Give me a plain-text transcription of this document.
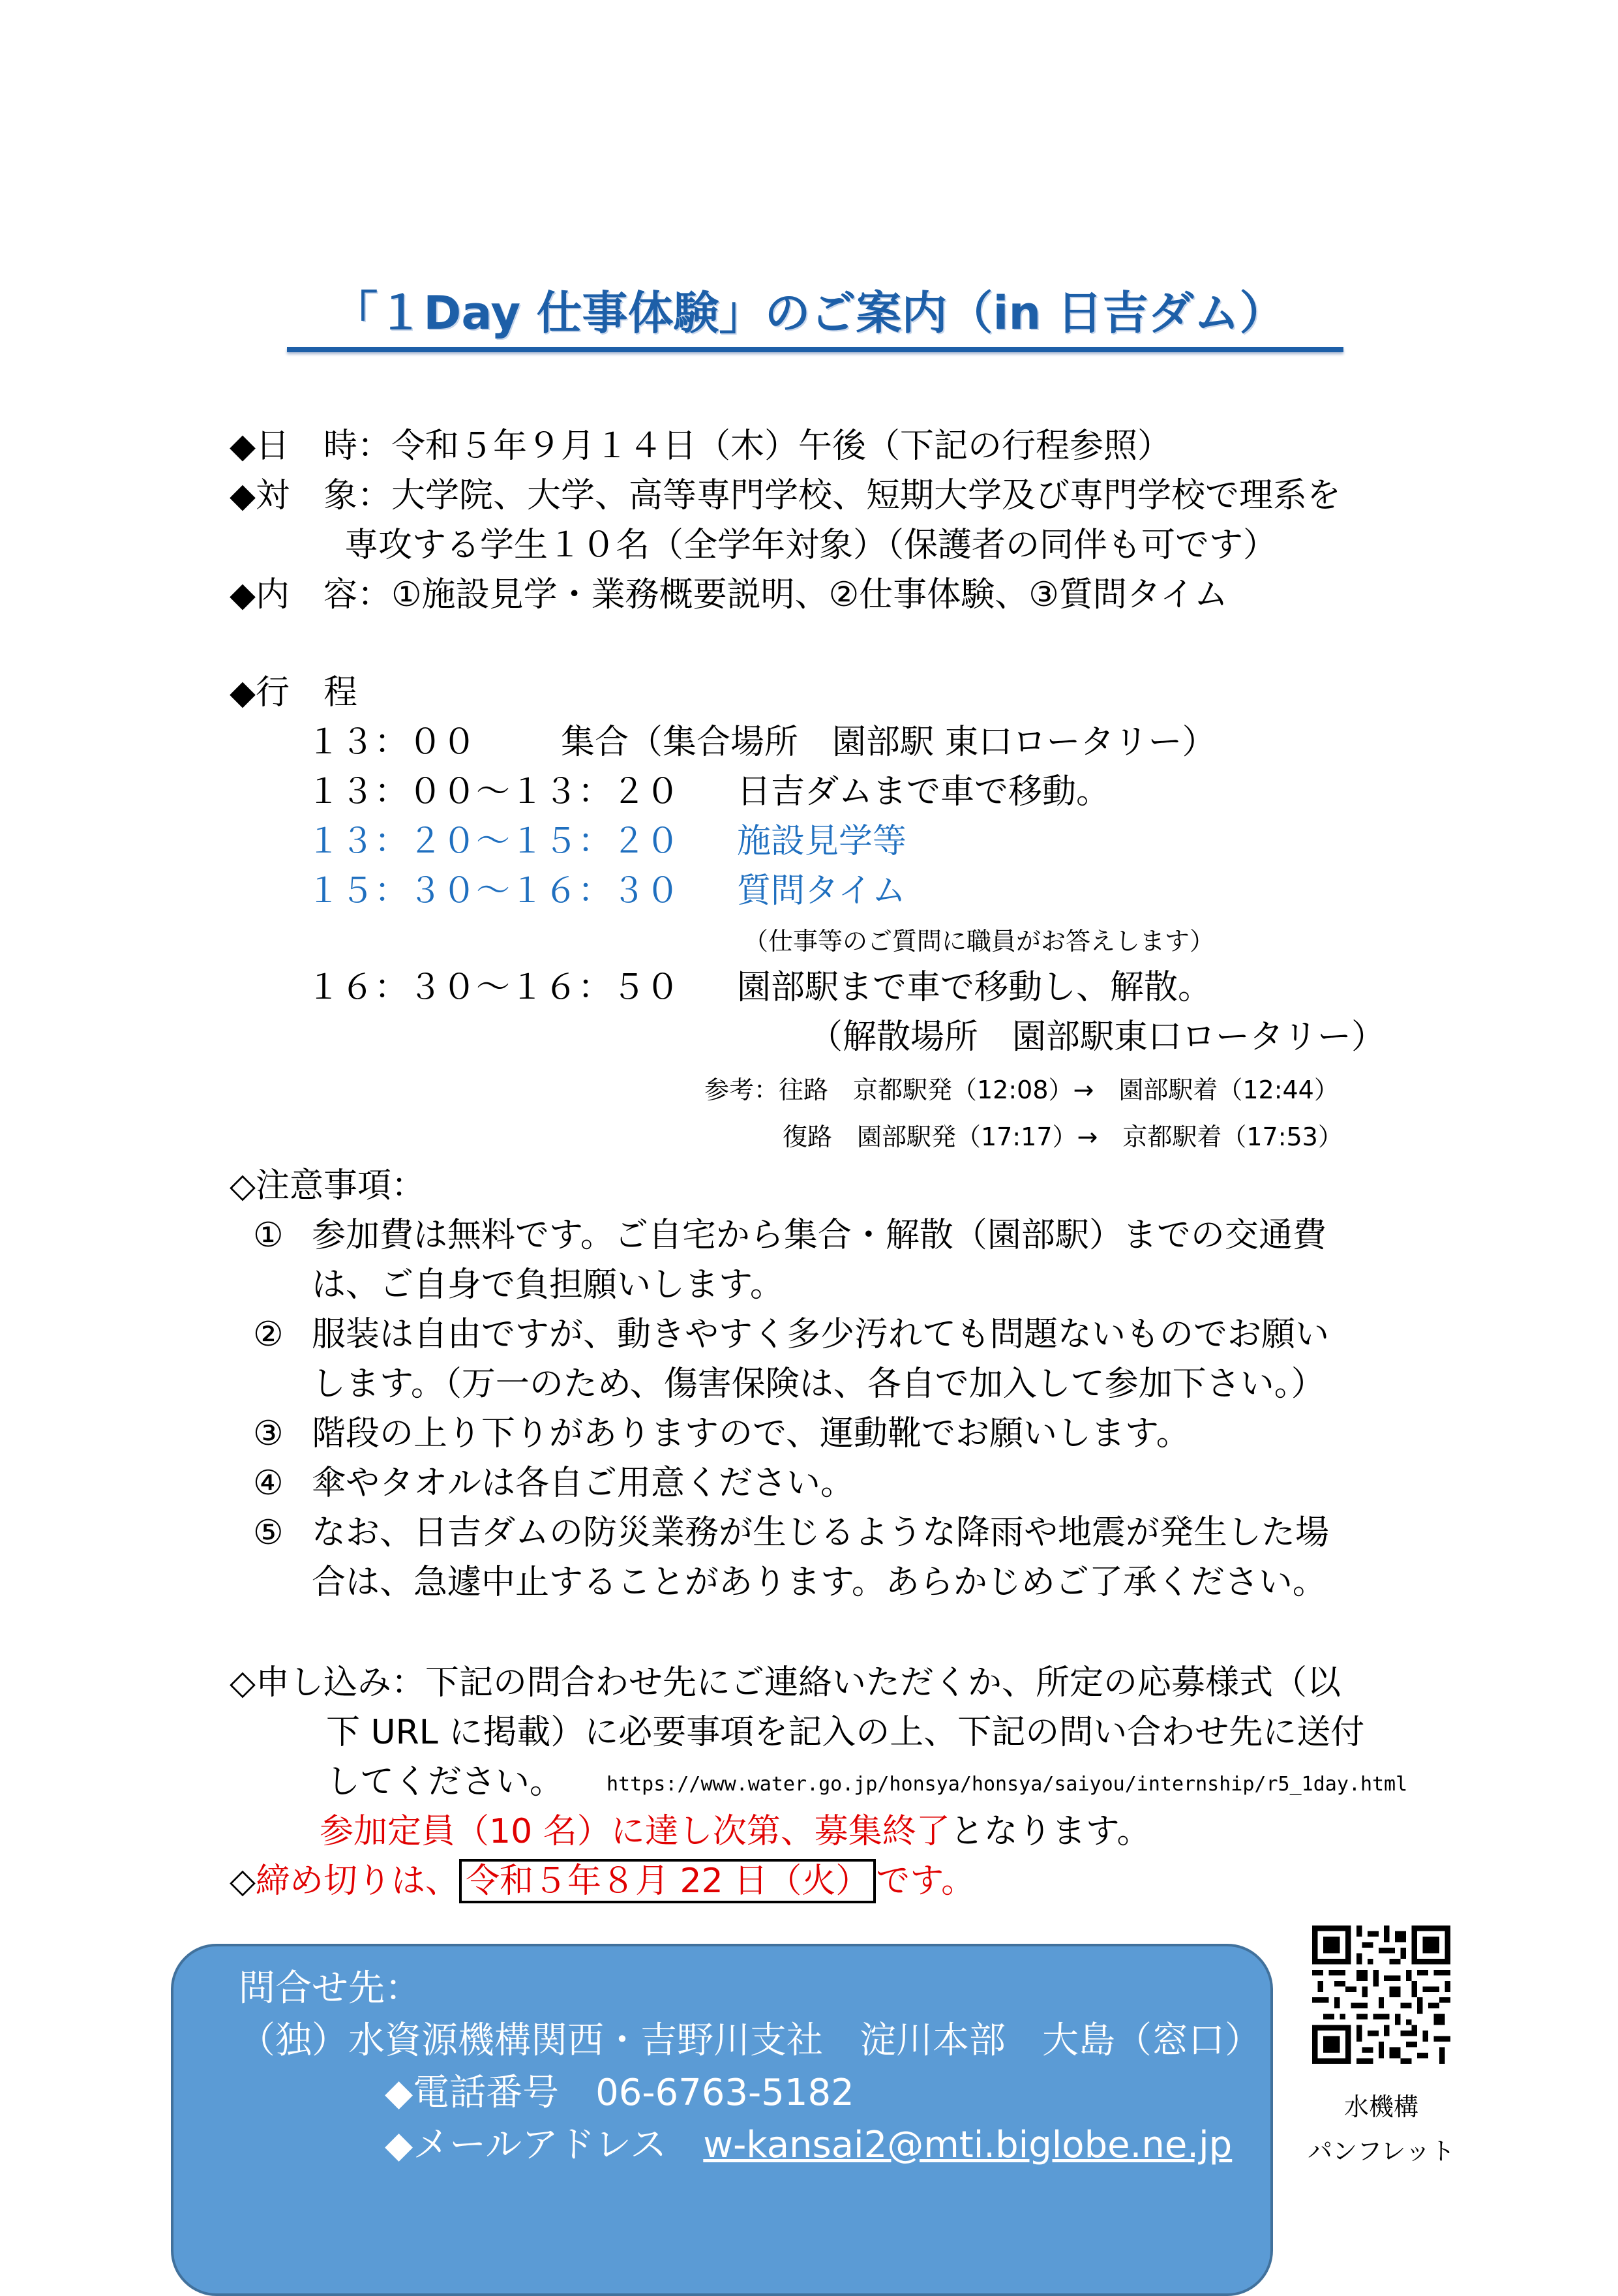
「１Day 仕事体験」のご案内（in 日吉ダム）
◆日　時：令和５年９月１４日（木）午後（下記の行程参照）
◆対　象：大学院、大学、高等専門学校、短期大学及び専門学校で理系を
専攻する学生１０名（全学年対象）（保護者の同伴も可です）
◆内　容：①施設見学・業務概要説明、②仕事体験、③質問タイム
◆行　程
１３：００ 集合（集合場所　園部駅 東口ロータリー）
１３：００～１３：２０ 日吉ダムまで車で移動。
１３：２０～１５：２０ 施設見学等
１５：３０～１６：３０ 質問タイム
（仕事等のご質問に職員がお答えします）
１６：３０～１６：５０ 園部駅まで車で移動し、解散。
（解散場所　園部駅東口ロータリー）
参考：往路　京都駅発（12:08）→　園部駅着（12:44）
復路　園部駅発（17:17）→　京都駅着（17:53）
◇注意事項：
① 参加費は無料です。ご自宅から集合・解散（園部駅）までの交通費
は、ご自身で負担願いします。
② 服装は自由ですが、動きやすく多少汚れても問題ないものでお願い
します。（万一のため、傷害保険は、各自で加入して参加下さい。）
③ 階段の上り下りがありますので、運動靴でお願いします。
④ 傘やタオルは各自ご用意ください。
⑤ なお、日吉ダムの防災業務が生じるような降雨や地震が発生した場
合は、急遽中止することがあります。あらかじめご了承ください。
◇申し込み：下記の問合わせ先にご連絡いただくか、所定の応募様式（以
下 URL に掲載）に必要事項を記入の上、下記の問い合わせ先に送付
してください。 https://www.water.go.jp/honsya/honsya/saiyou/internship/r5_1day.html
参加定員（10 名）に達し次第、募集終了となります。
◇締め切りは、 令和５年８月 22 日（火） です。
問合せ先：
（独）水資源機構関西・吉野川支社　淀川本部　大島（窓口）
◆電話番号　06-6763-5182
◆メールアドレス　w-kansai2@mti.biglobe.ne.jp
水機構
パンフレット
